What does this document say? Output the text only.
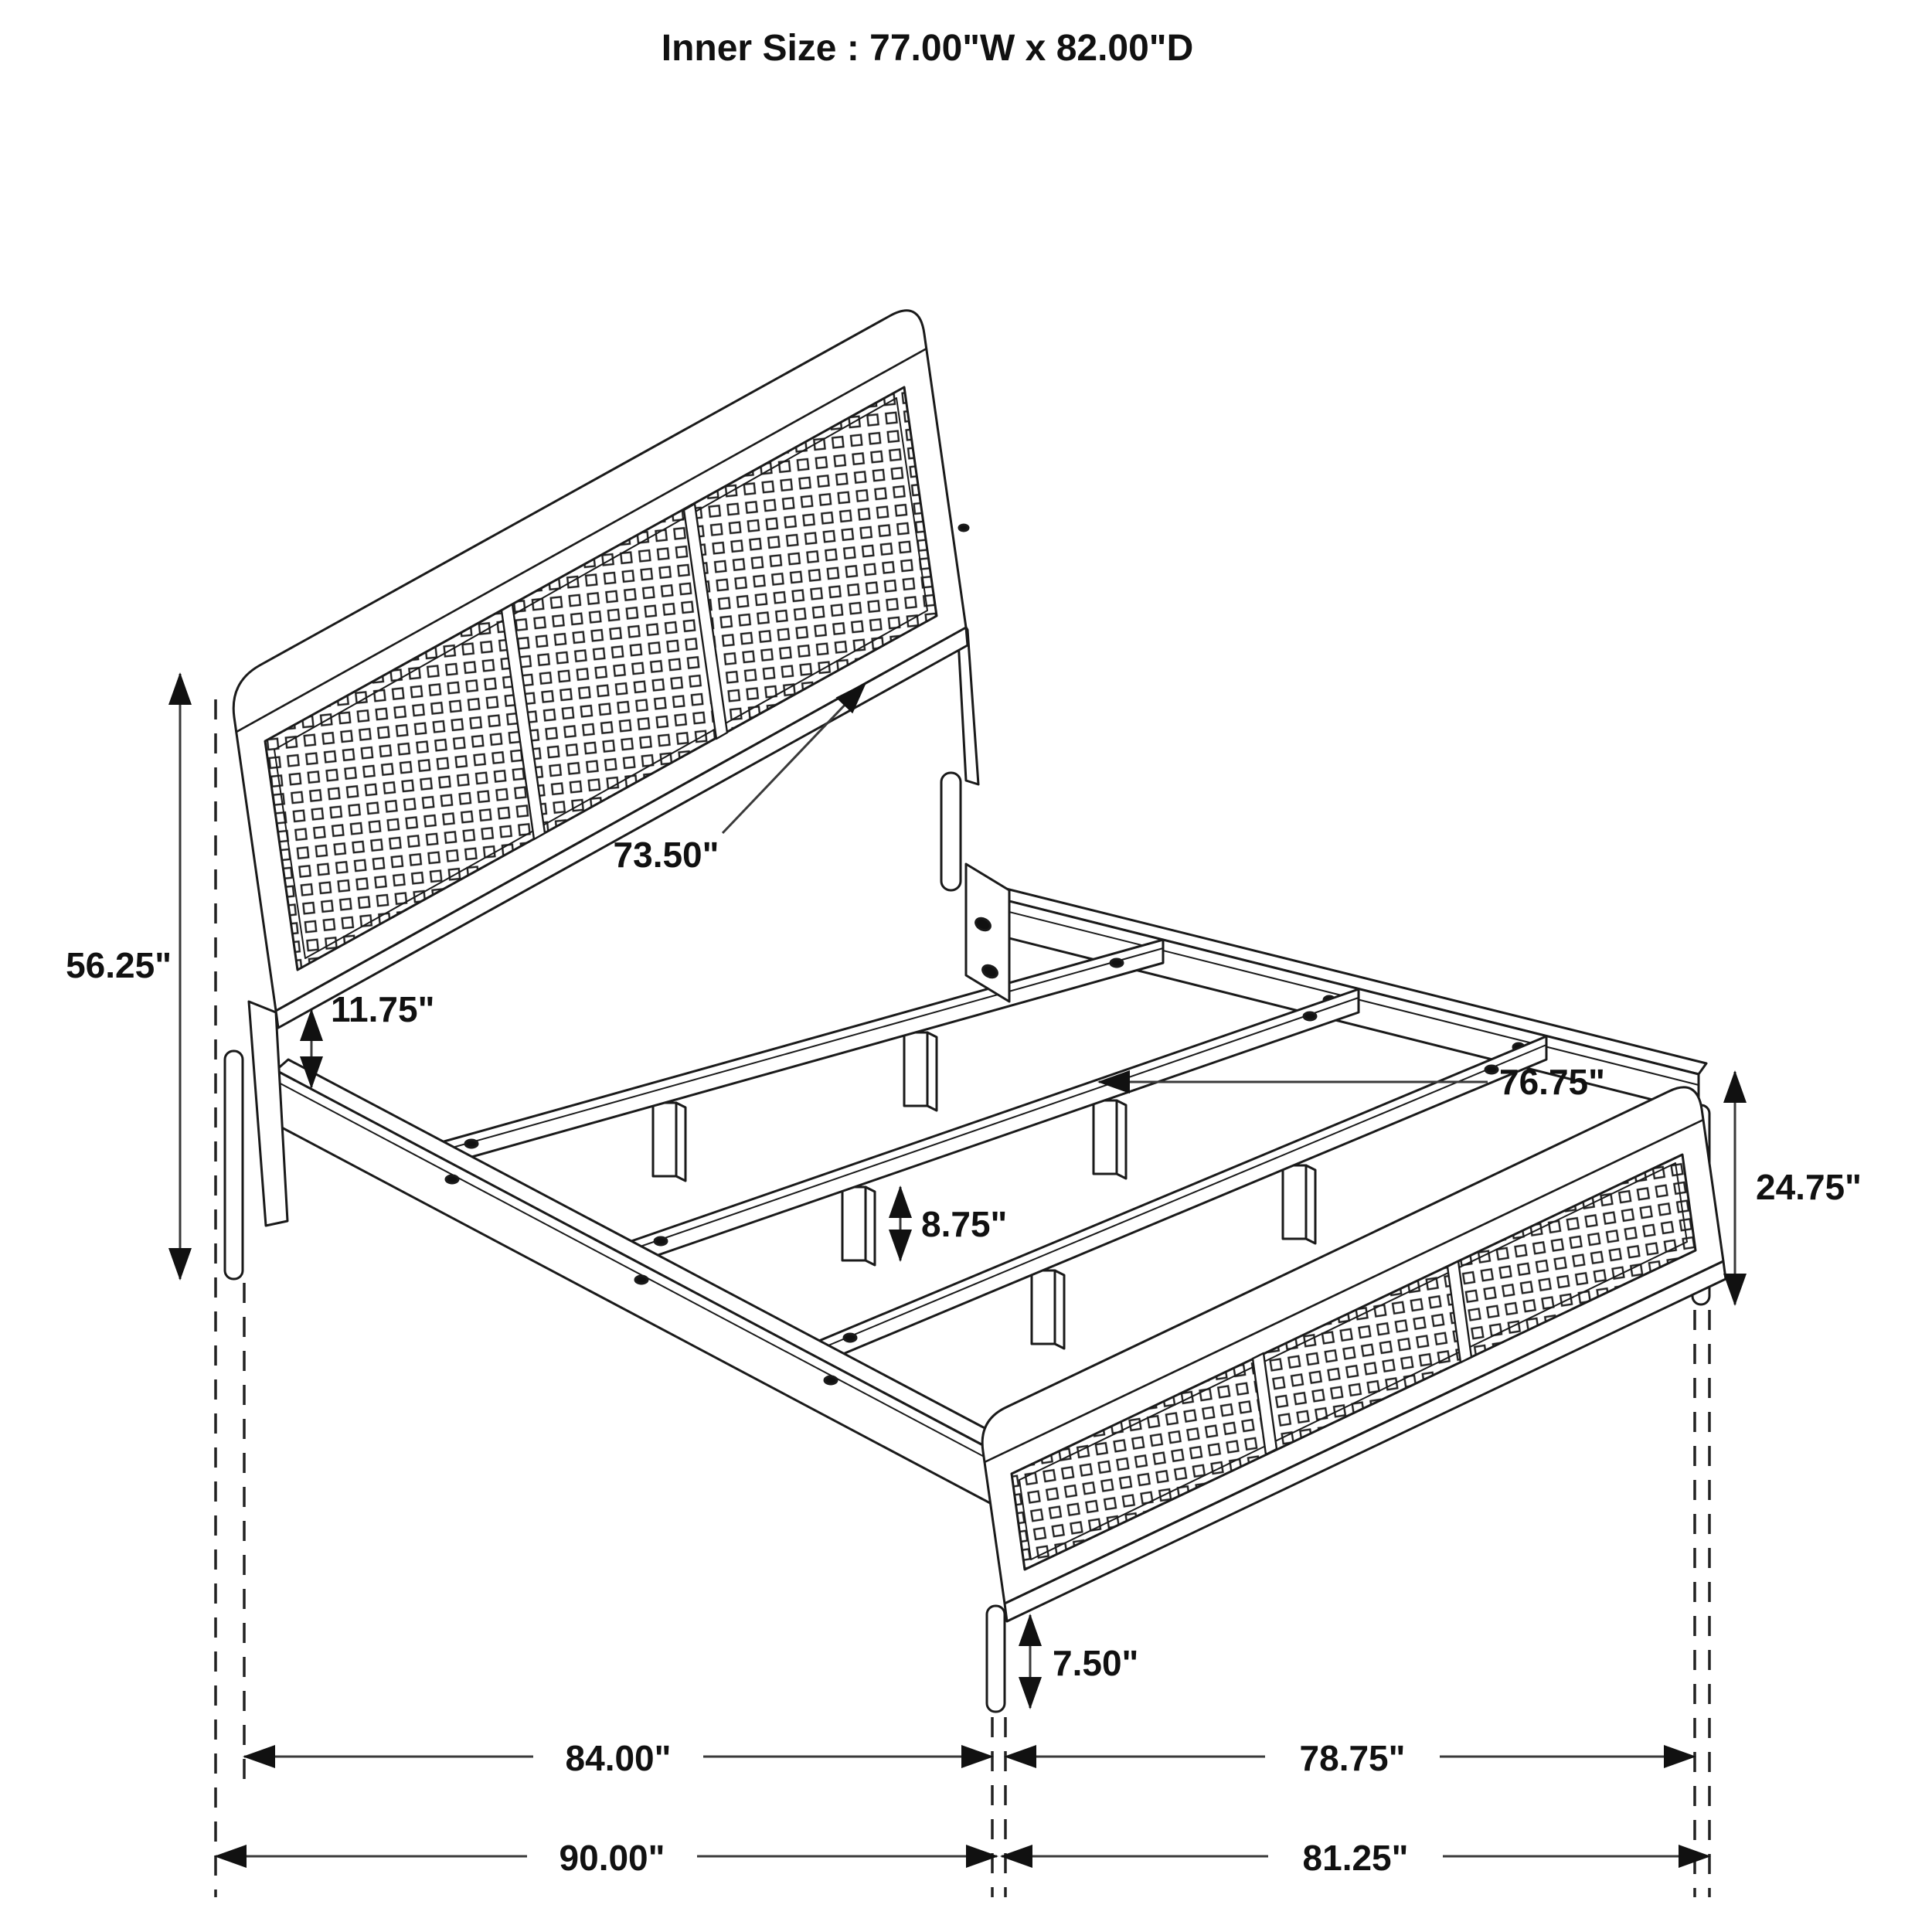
Inner Size : 77.00"W x 82.00"D
56.25"
73.50"
11.75"
8.75"
76.75"
24.75"
7.50"
84.00"	78.75"
90.00"	81.25"
